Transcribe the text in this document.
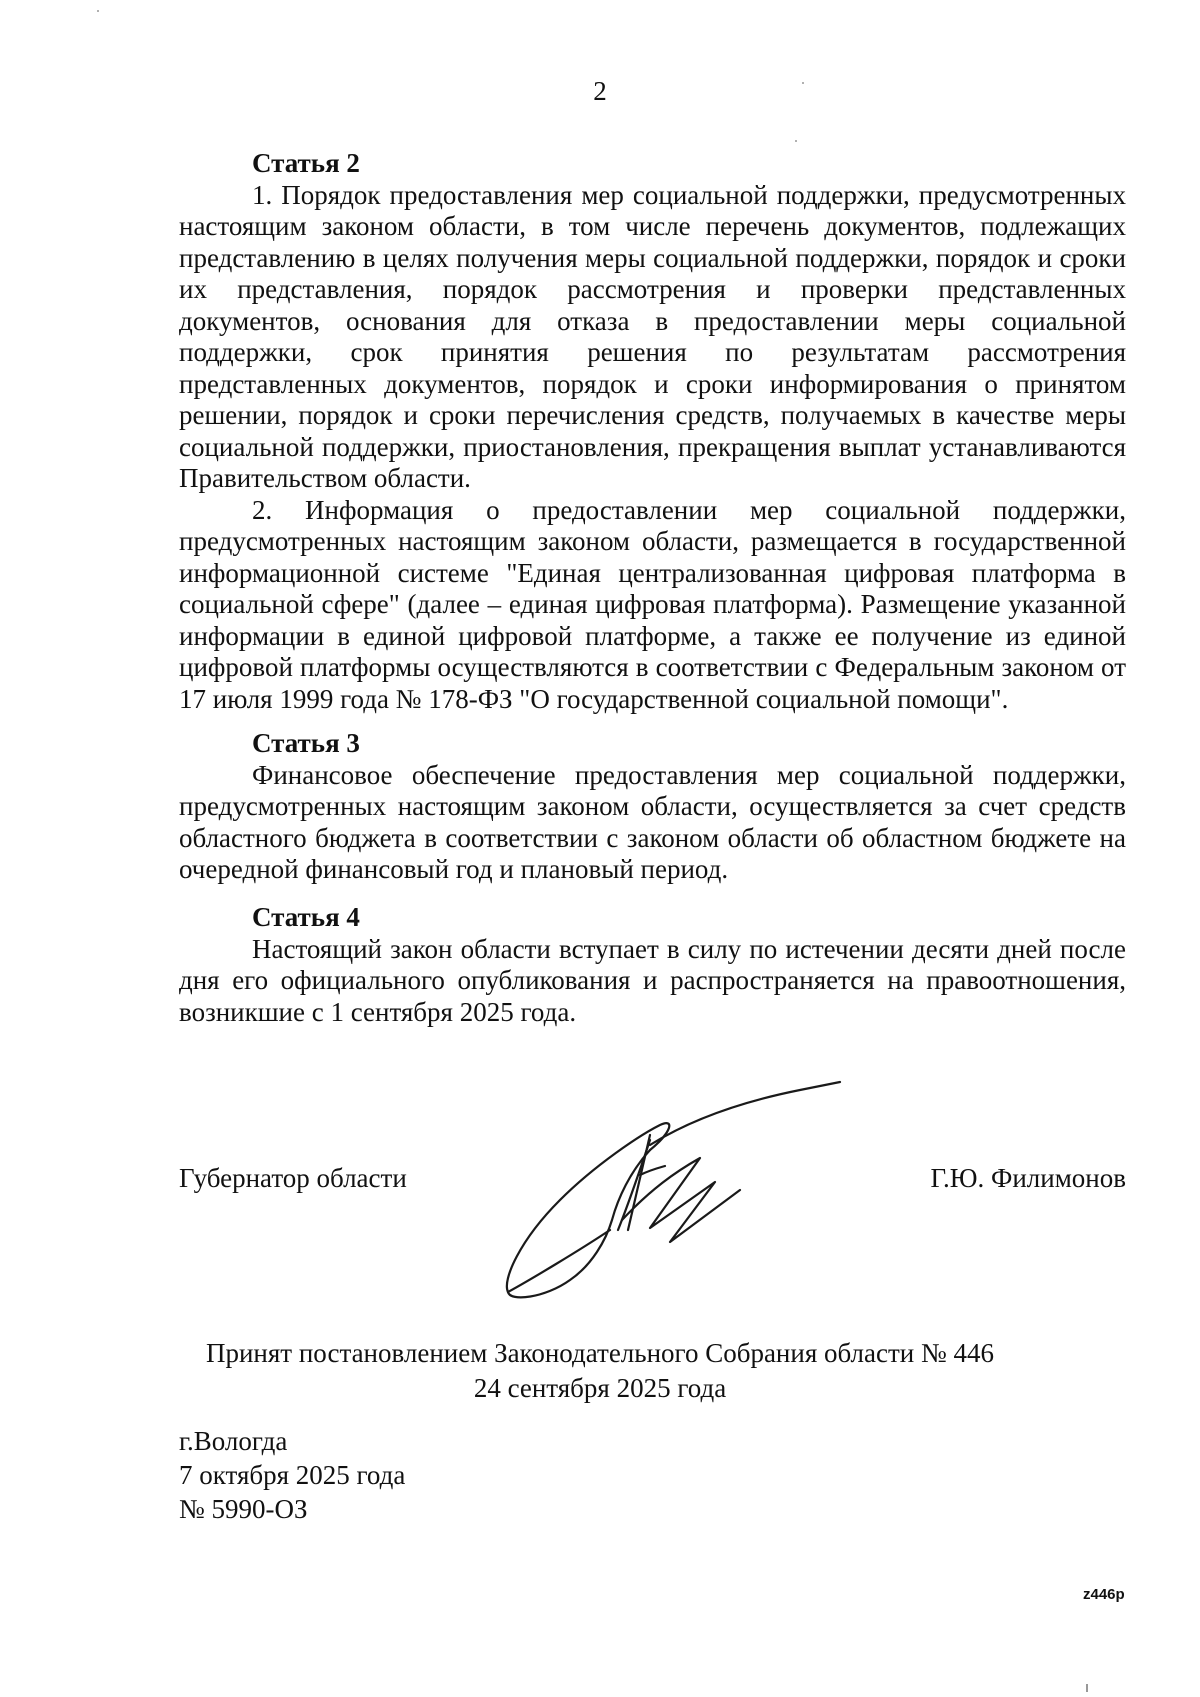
2
Статья 2

1. Порядок предоставления мер социальной поддержки, предусмотренных настоящим законом области, в том числе перечень документов, подлежащих представлению в целях получения меры социальной поддержки, порядок и сроки их представления, порядок рассмотрения и проверки представленных документов, основания для отказа в предоставлении меры социальной поддержки, срок принятия решения по результатам рассмотрения представленных документов, порядок и сроки информирования о принятом решении, порядок и сроки перечисления средств, получаемых в качестве меры социальной поддержки, приостановления, прекращения выплат устанавливаются Правительством области.

2. Информация о предоставлении мер социальной поддержки, предусмотренных настоящим законом области, размещается в государственной информационной системе "Единая централизованная цифровая платформа в социальной сфере" (далее – единая цифровая платформа). Размещение указанной информации в единой цифровой платформе, а также ее получение из единой цифровой платформы осуществляются в соответствии с Федеральным законом от 17 июля 1999 года № 178-ФЗ "О государственной социальной помощи".

Статья 3

Финансовое обеспечение предоставления мер социальной поддержки, предусмотренных настоящим законом области, осуществляется за счет средств областного бюджета в соответствии с законом области об областном бюджете на очередной финансовый год и плановый период.

Статья 4

Настоящий закон области вступает в силу по истечении десяти дней после дня его официального опубликования и распространяется на правоотношения, возникшие с 1 сентября 2025 года.

Губернатор области	Г.Ю. Филимонов
Принят постановлением Законодательного Собрания области № 446
24 сентября 2025 года
г.Вологда
7 октября 2025 года
№ 5990-ОЗ
z446р
